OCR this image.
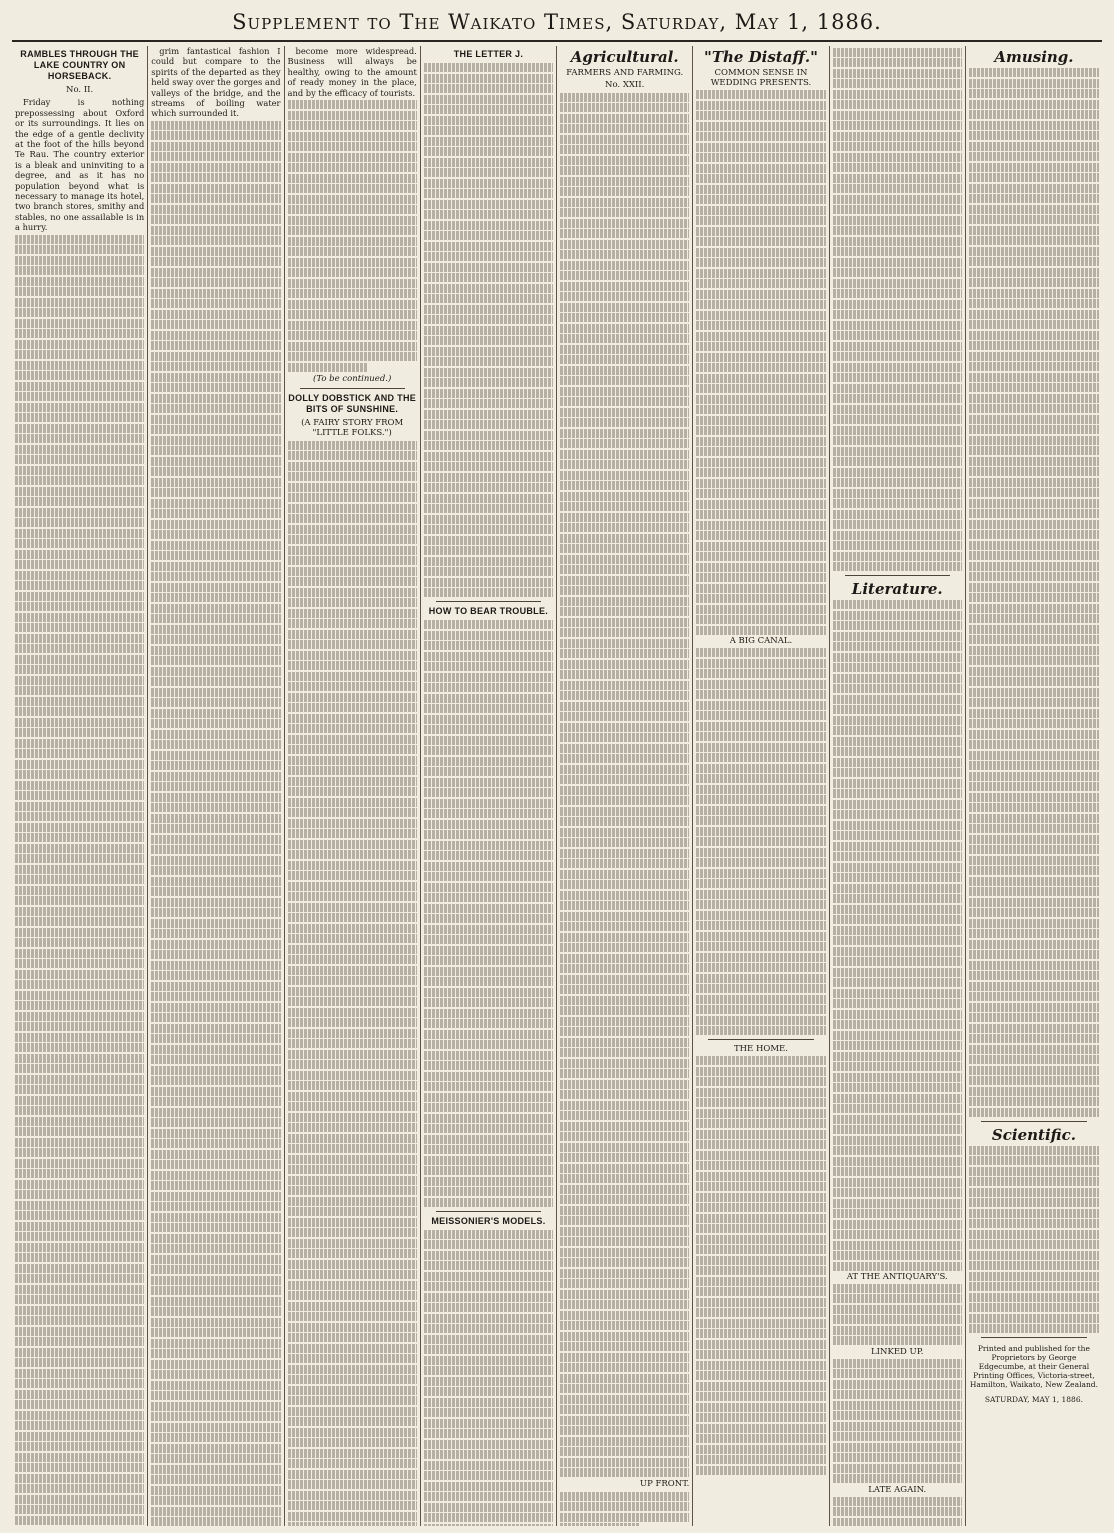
Supplement to The Waikato Times, Saturday, May 1, 1886.
RAMBLES THROUGH THE LAKE COUNTRY ON HORSEBACK.
No. II.

Friday is nothing prepossessing about Oxford or its surroundings. It lies on the edge of a gentle declivity at the foot of the hills beyond Te Rau. The country exterior is a bleak and uninviting to a degree, and as it has no population beyond what is necessary to manage its hotel, two branch stores, smithy and stables, no one assailable is in a hurry.

grim fantastical fashion I could but compare to the spirits of the departed as they held sway over the gorges and valleys of the bridge, and the streams of boiling water which surrounded it.

become more widespread. Business will always be healthy, owing to the amount of ready money in the place, and by the efficacy of tourists.

(To be continued.)
DOLLY DOBSTICK AND THE BITS OF SUNSHINE.
(A FAIRY STORY FROM "LITTLE FOLKS.")
THE LETTER J.
HOW TO BEAR TROUBLE.
MEISSONIER'S MODELS.
Agricultural.
FARMERS AND FARMING.
No. XXII.
UP FRONT.
"The Distaff."
COMMON SENSE IN WEDDING PRESENTS.
A BIG CANAL.
THE HOME.
Literature.
AT THE ANTIQUARY'S.
LINKED UP.
LATE AGAIN.
Amusing.
Scientific.
Printed and published for the Proprietors by George Edgecumbe, at their General Printing Offices, Victoria-street, Hamilton, Waikato, New Zealand.
SATURDAY, MAY 1, 1886.
